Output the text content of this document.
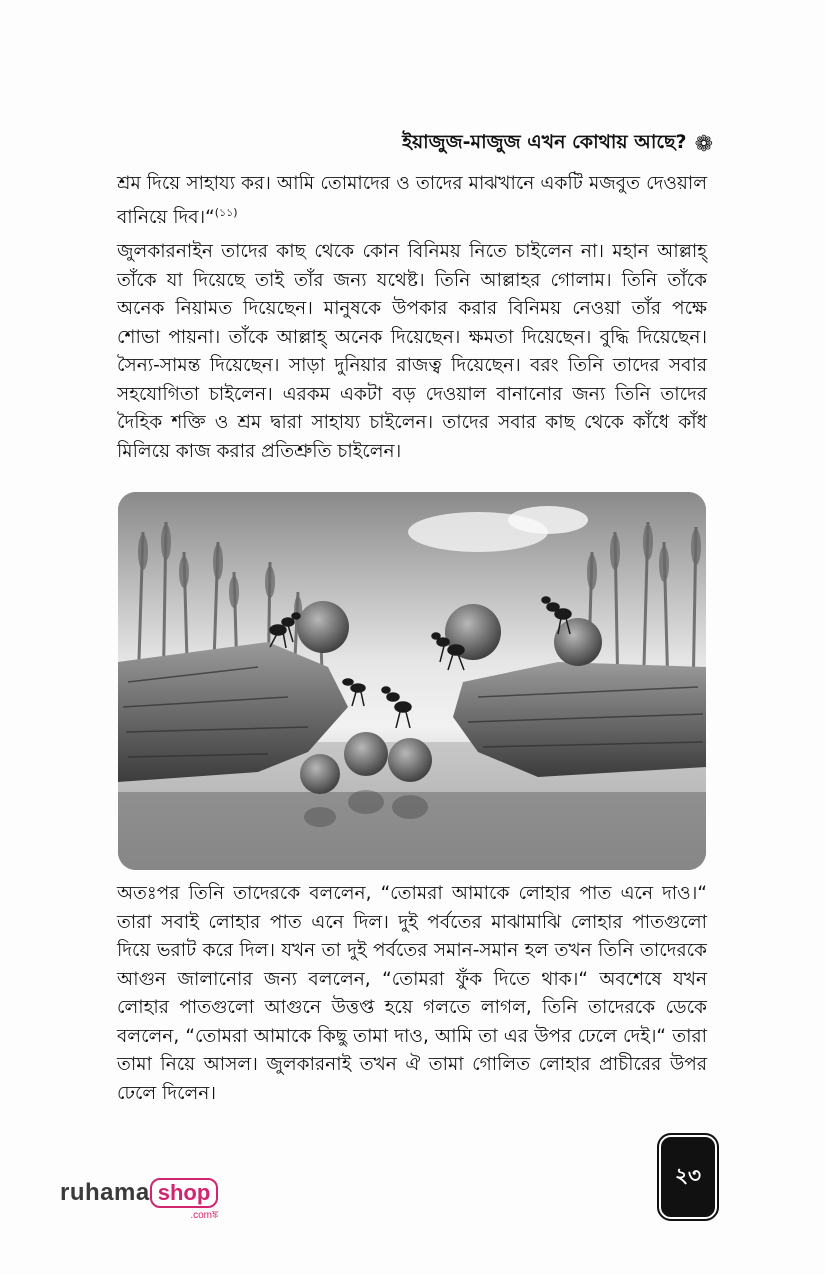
ইয়াজুজ-মাজুজ এখন কোথায় আছে? ❁
শ্রম দিয়ে সাহায্য কর। আমি তোমাদের ও তাদের মাঝখানে একটি মজবুত দেওয়াল বানিয়ে দিব।“$^{(১১)}$
জুলকারনাইন তাদের কাছ থেকে কোন বিনিময় নিতে চাইলেন না। মহান আল্লাহ্ তাঁকে যা দিয়েছে তাই তাঁর জন্য যথেষ্ট। তিনি আল্লাহর গোলাম। তিনি তাঁকে অনেক নিয়ামত দিয়েছেন। মানুষকে উপকার করার বিনিময় নেওয়া তাঁর পক্ষে শোভা পায়না। তাঁকে আল্লাহ্ অনেক দিয়েছেন। ক্ষমতা দিয়েছেন। বুদ্ধি দিয়েছেন। সৈন্য-সামন্ত দিয়েছেন। সাড়া দুনিয়ার রাজত্ব দিয়েছেন। বরং তিনি তাদের সবার সহযোগিতা চাইলেন। এরকম একটা বড় দেওয়াল বানানোর জন্য তিনি তাদের দৈহিক শক্তি ও শ্রম দ্বারা সাহায্য চাইলেন। তাদের সবার কাছ থেকে কাঁধে কাঁধ মিলিয়ে কাজ করার প্রতিশ্রুতি চাইলেন।
অতঃপর তিনি তাদেরকে বললেন, “তোমরা আমাকে লোহার পাত এনে দাও।“ তারা সবাই লোহার পাত এনে দিল। দুই পর্বতের মাঝামাঝি লোহার পাতগুলো দিয়ে ভরাট করে দিল। যখন তা দুই পর্বতের সমান-সমান হল তখন তিনি তাদেরকে আগুন জালানোর জন্য বললেন, “তোমরা ফুঁক দিতে থাক।“ অবশেষে যখন লোহার পাতগুলো আগুনে উত্তপ্ত হয়ে গলতে লাগল, তিনি তাদেরকে ডেকে বললেন, “তোমরা আমাকে কিছু তামা দাও, আমি তা এর উপর ঢেলে দেই।“ তারা তামা নিয়ে আসল। জুলকারনাই তখন ঐ তামা গোলিত লোহার প্রাচীরের উপর ঢেলে দিলেন।
ruhama shop
.comঙ্ক
২৩
